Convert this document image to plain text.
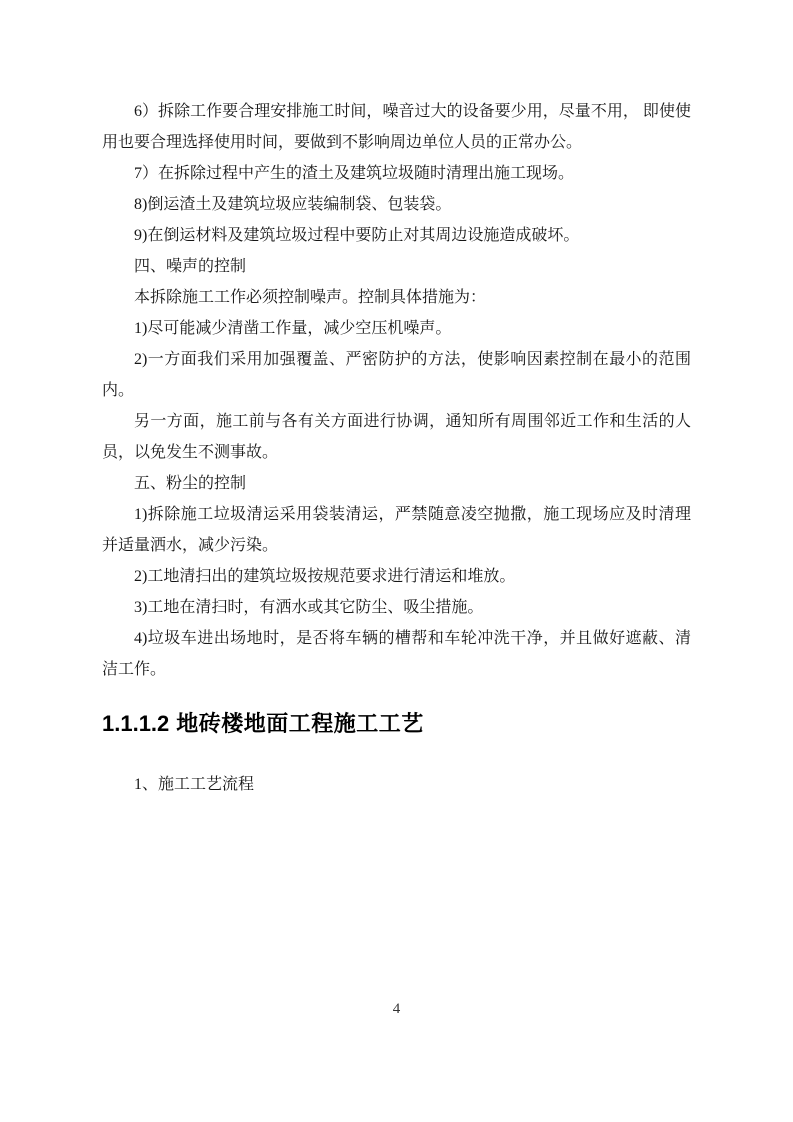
6）拆除工作要合理安排施工时间，噪音过大的设备要少用，尽量不用， 即使使用也要合理选择使用时间，要做到不影响周边单位人员的正常办公。

7）在拆除过程中产生的渣土及建筑垃圾随时清理出施工现场。

8)倒运渣土及建筑垃圾应装编制袋、包装袋。

9)在倒运材料及建筑垃圾过程中要防止对其周边设施造成破坏。

四、噪声的控制

本拆除施工工作必须控制噪声。控制具体措施为：

1)尽可能减少清凿工作量，减少空压机噪声。

2)一方面我们采用加强覆盖、严密防护的方法，使影响因素控制在最小的范围内。

另一方面，施工前与各有关方面进行协调，通知所有周围邻近工作和生活的人员，以免发生不测事故。

五、粉尘的控制

1)拆除施工垃圾清运采用袋装清运，严禁随意凌空抛撒，施工现场应及时清理并适量洒水，减少污染。

2)工地清扫出的建筑垃圾按规范要求进行清运和堆放。

3)工地在清扫时，有洒水或其它防尘、吸尘措施。

4)垃圾车进出场地时，是否将车辆的槽帮和车轮冲洗干净，并且做好遮蔽、清洁工作。

1.1.1.2 地砖楼地面工程施工工艺

1、施工工艺流程

4
